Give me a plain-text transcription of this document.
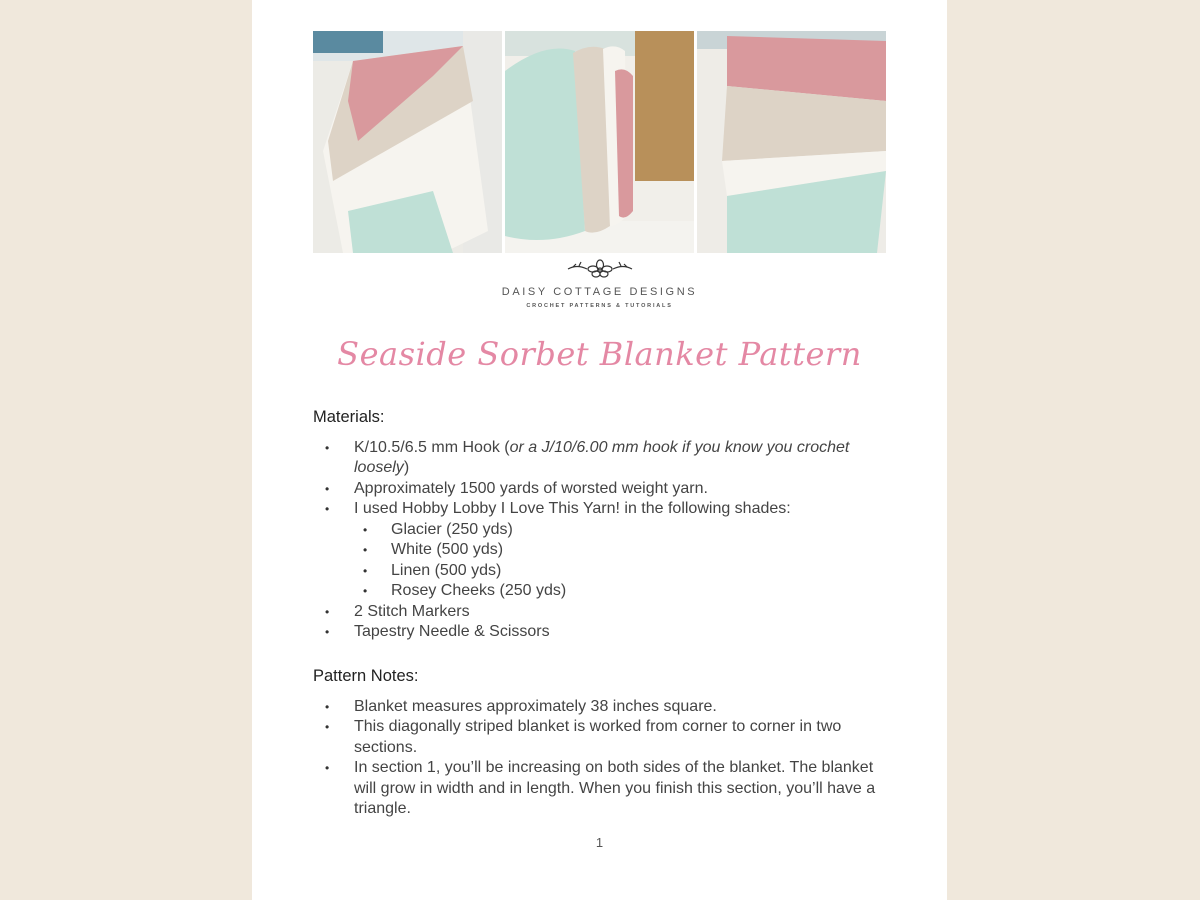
DAISY COTTAGE DESIGNS
CROCHET PATTERNS & TUTORIALS
Seaside Sorbet Blanket Pattern
Materials:
• K/10.5/6.5 mm Hook (or a J/10/6.00 mm hook if you know you crochet loosely)
• Approximately 1500 yards of worsted weight yarn.
• I used Hobby Lobby I Love This Yarn! in the following shades:
• Glacier (250 yds)
• White (500 yds)
• Linen (500 yds)
• Rosey Cheeks (250 yds)
• 2 Stitch Markers
• Tapestry Needle & Scissors
Pattern Notes:
• Blanket measures approximately 38 inches square.
• This diagonally striped blanket is worked from corner to corner in two sections.
• In section 1, you’ll be increasing on both sides of the blanket. The blanket will grow in width and in length. When you finish this section, you’ll have a triangle.
1
